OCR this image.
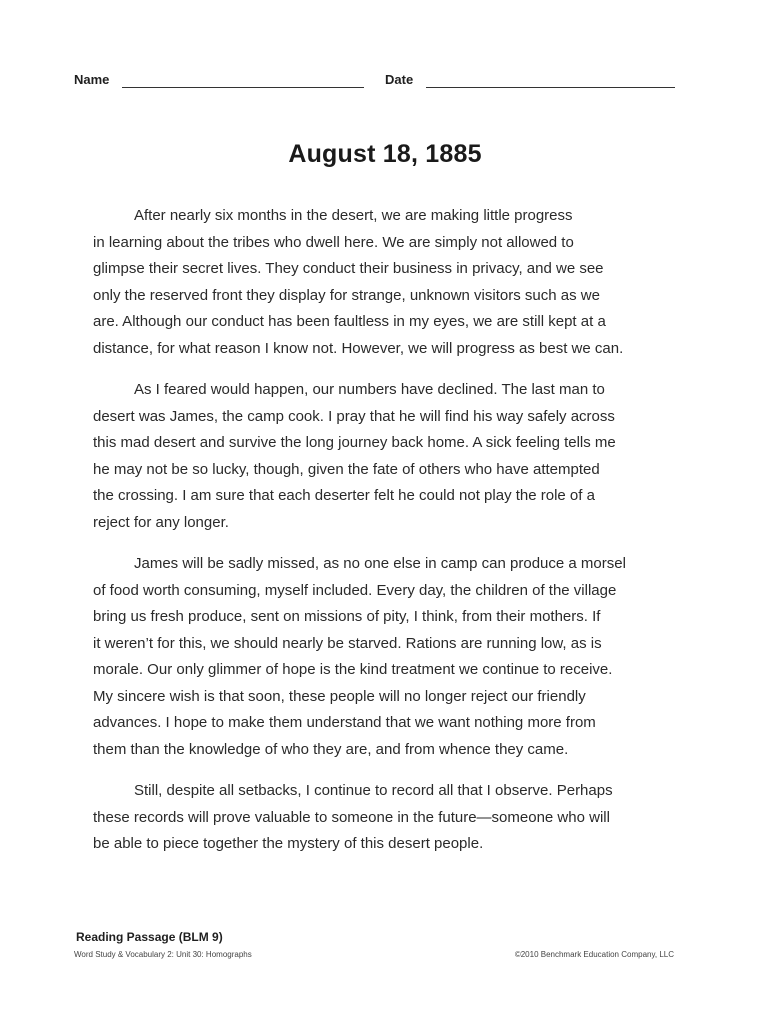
Name	Date
August 18, 1885

After nearly six months in the desert, we are making little progress
in learning about the tribes who dwell here. We are simply not allowed to
glimpse their secret lives. They conduct their business in privacy, and we see
only the reserved front they display for strange, unknown visitors such as we
are. Although our conduct has been faultless in my eyes, we are still kept at a
distance, for what reason I know not. However, we will progress as best we can.

As I feared would happen, our numbers have declined. The last man to
desert was James, the camp cook. I pray that he will find his way safely across
this mad desert and survive the long journey back home. A sick feeling tells me
he may not be so lucky, though, given the fate of others who have attempted
the crossing. I am sure that each deserter felt he could not play the role of a
reject for any longer.

James will be sadly missed, as no one else in camp can produce a morsel
of food worth consuming, myself included. Every day, the children of the village
bring us fresh produce, sent on missions of pity, I think, from their mothers. If
it weren’t for this, we should nearly be starved. Rations are running low, as is
morale. Our only glimmer of hope is the kind treatment we continue to receive.
My sincere wish is that soon, these people will no longer reject our friendly
advances. I hope to make them understand that we want nothing more from
them than the knowledge of who they are, and from whence they came.

Still, despite all setbacks, I continue to record all that I observe. Perhaps
these records will prove valuable to someone in the future—someone who will
be able to piece together the mystery of this desert people.

Reading Passage (BLM 9)
Word Study & Vocabulary 2: Unit 30: Homographs	©2010 Benchmark Education Company, LLC
